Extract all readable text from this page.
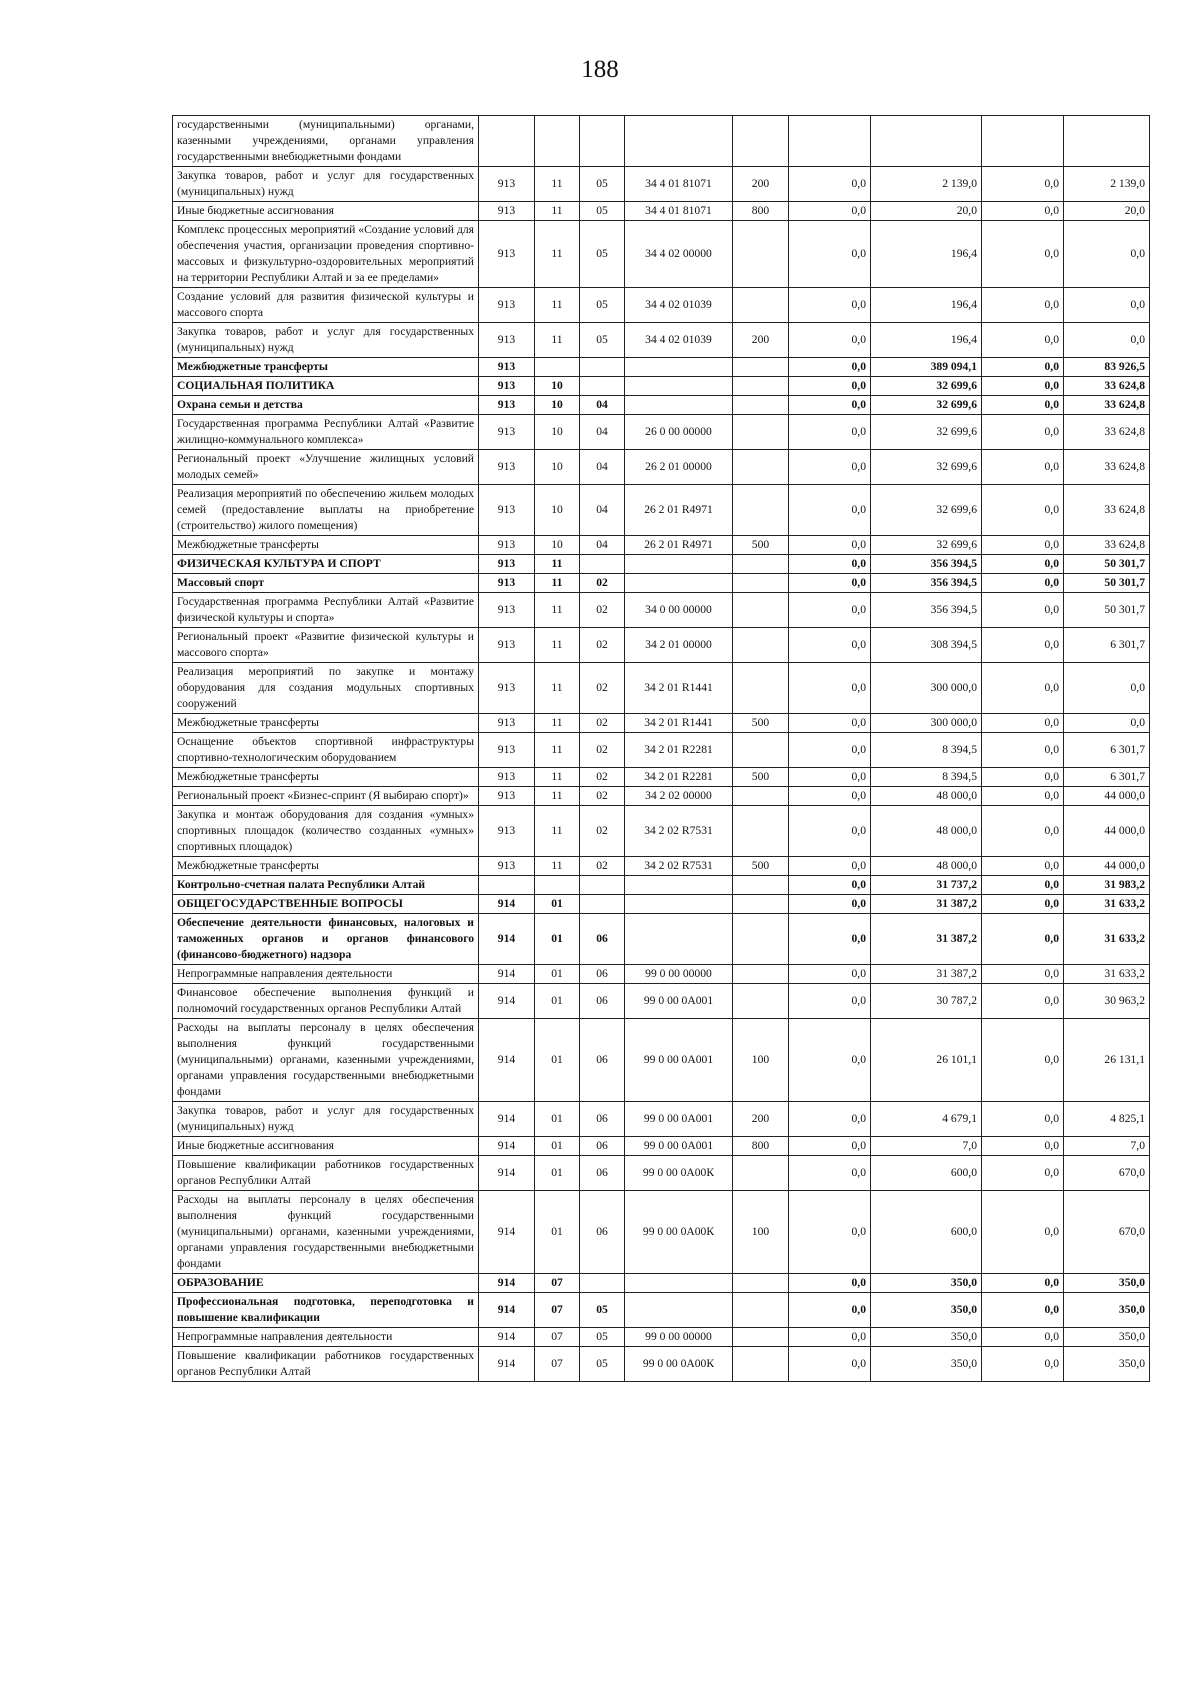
188
государственными (муниципальными) органами, казенными учреждениями, органами управления государственными внебюджетными фондами									
Закупка товаров, работ и услуг для государственных (муниципальных) нужд	913	11	05	34 4 01 81071	200	0,0	2 139,0	0,0	2 139,0
Иные бюджетные ассигнования	913	11	05	34 4 01 81071	800	0,0	20,0	0,0	20,0
Комплекс процессных мероприятий «Создание условий для обеспечения участия, организации проведения спортивно-массовых и физкультурно-оздоровительных мероприятий на территории Республики Алтай и за ее пределами»	913	11	05	34 4 02 00000		0,0	196,4	0,0	0,0
Создание условий для развития физической культуры и массового спорта	913	11	05	34 4 02 01039		0,0	196,4	0,0	0,0
Закупка товаров, работ и услуг для государственных (муниципальных) нужд	913	11	05	34 4 02 01039	200	0,0	196,4	0,0	0,0
Межбюджетные трансферты	913					0,0	389 094,1	0,0	83 926,5
СОЦИАЛЬНАЯ ПОЛИТИКА	913	10				0,0	32 699,6	0,0	33 624,8
Охрана семьи и детства	913	10	04			0,0	32 699,6	0,0	33 624,8
Государственная программа Республики Алтай «Развитие жилищно-коммунального комплекса»	913	10	04	26 0 00 00000		0,0	32 699,6	0,0	33 624,8
Региональный проект «Улучшение жилищных условий молодых семей»	913	10	04	26 2 01 00000		0,0	32 699,6	0,0	33 624,8
Реализация мероприятий по обеспечению жильем молодых семей (предоставление выплаты на приобретение (строительство) жилого помещения)	913	10	04	26 2 01 R4971		0,0	32 699,6	0,0	33 624,8
Межбюджетные трансферты	913	10	04	26 2 01 R4971	500	0,0	32 699,6	0,0	33 624,8
ФИЗИЧЕСКАЯ КУЛЬТУРА И СПОРТ	913	11				0,0	356 394,5	0,0	50 301,7
Массовый спорт	913	11	02			0,0	356 394,5	0,0	50 301,7
Государственная программа Республики Алтай «Развитие физической культуры и спорта»	913	11	02	34 0 00 00000		0,0	356 394,5	0,0	50 301,7
Региональный проект «Развитие физической культуры и массового спорта»	913	11	02	34 2 01 00000		0,0	308 394,5	0,0	6 301,7
Реализация мероприятий по закупке и монтажу оборудования для создания модульных спортивных сооружений	913	11	02	34 2 01 R1441		0,0	300 000,0	0,0	0,0
Межбюджетные трансферты	913	11	02	34 2 01 R1441	500	0,0	300 000,0	0,0	0,0
Оснащение объектов спортивной инфраструктуры спортивно-технологическим оборудованием	913	11	02	34 2 01 R2281		0,0	8 394,5	0,0	6 301,7
Межбюджетные трансферты	913	11	02	34 2 01 R2281	500	0,0	8 394,5	0,0	6 301,7
Региональный проект «Бизнес-спринт (Я выбираю спорт)»	913	11	02	34 2 02 00000		0,0	48 000,0	0,0	44 000,0
Закупка и монтаж оборудования для создания «умных» спортивных площадок (количество созданных «умных» спортивных площадок)	913	11	02	34 2 02 R7531		0,0	48 000,0	0,0	44 000,0
Межбюджетные трансферты	913	11	02	34 2 02 R7531	500	0,0	48 000,0	0,0	44 000,0
Контрольно-счетная палата Республики Алтай						0,0	31 737,2	0,0	31 983,2
ОБЩЕГОСУДАРСТВЕННЫЕ ВОПРОСЫ	914	01				0,0	31 387,2	0,0	31 633,2
Обеспечение деятельности финансовых, налоговых и таможенных органов и органов финансового (финансово-бюджетного) надзора	914	01	06			0,0	31 387,2	0,0	31 633,2
Непрограммные направления деятельности	914	01	06	99 0 00 00000		0,0	31 387,2	0,0	31 633,2
Финансовое обеспечение выполнения функций и полномочий государственных органов Республики Алтай	914	01	06	99 0 00 0А001		0,0	30 787,2	0,0	30 963,2
Расходы на выплаты персоналу в целях обеспечения выполнения функций государственными (муниципальными) органами, казенными учреждениями, органами управления государственными внебюджетными фондами	914	01	06	99 0 00 0А001	100	0,0	26 101,1	0,0	26 131,1
Закупка товаров, работ и услуг для государственных (муниципальных) нужд	914	01	06	99 0 00 0А001	200	0,0	4 679,1	0,0	4 825,1
Иные бюджетные ассигнования	914	01	06	99 0 00 0А001	800	0,0	7,0	0,0	7,0
Повышение квалификации работников государственных органов Республики Алтай	914	01	06	99 0 00 0А00К		0,0	600,0	0,0	670,0
Расходы на выплаты персоналу в целях обеспечения выполнения функций государственными (муниципальными) органами, казенными учреждениями, органами управления государственными внебюджетными фондами	914	01	06	99 0 00 0А00К	100	0,0	600,0	0,0	670,0
ОБРАЗОВАНИЕ	914	07				0,0	350,0	0,0	350,0
Профессиональная подготовка, переподготовка и повышение квалификации	914	07	05			0,0	350,0	0,0	350,0
Непрограммные направления деятельности	914	07	05	99 0 00 00000		0,0	350,0	0,0	350,0
Повышение квалификации работников государственных органов Республики Алтай	914	07	05	99 0 00 0А00К		0,0	350,0	0,0	350,0
